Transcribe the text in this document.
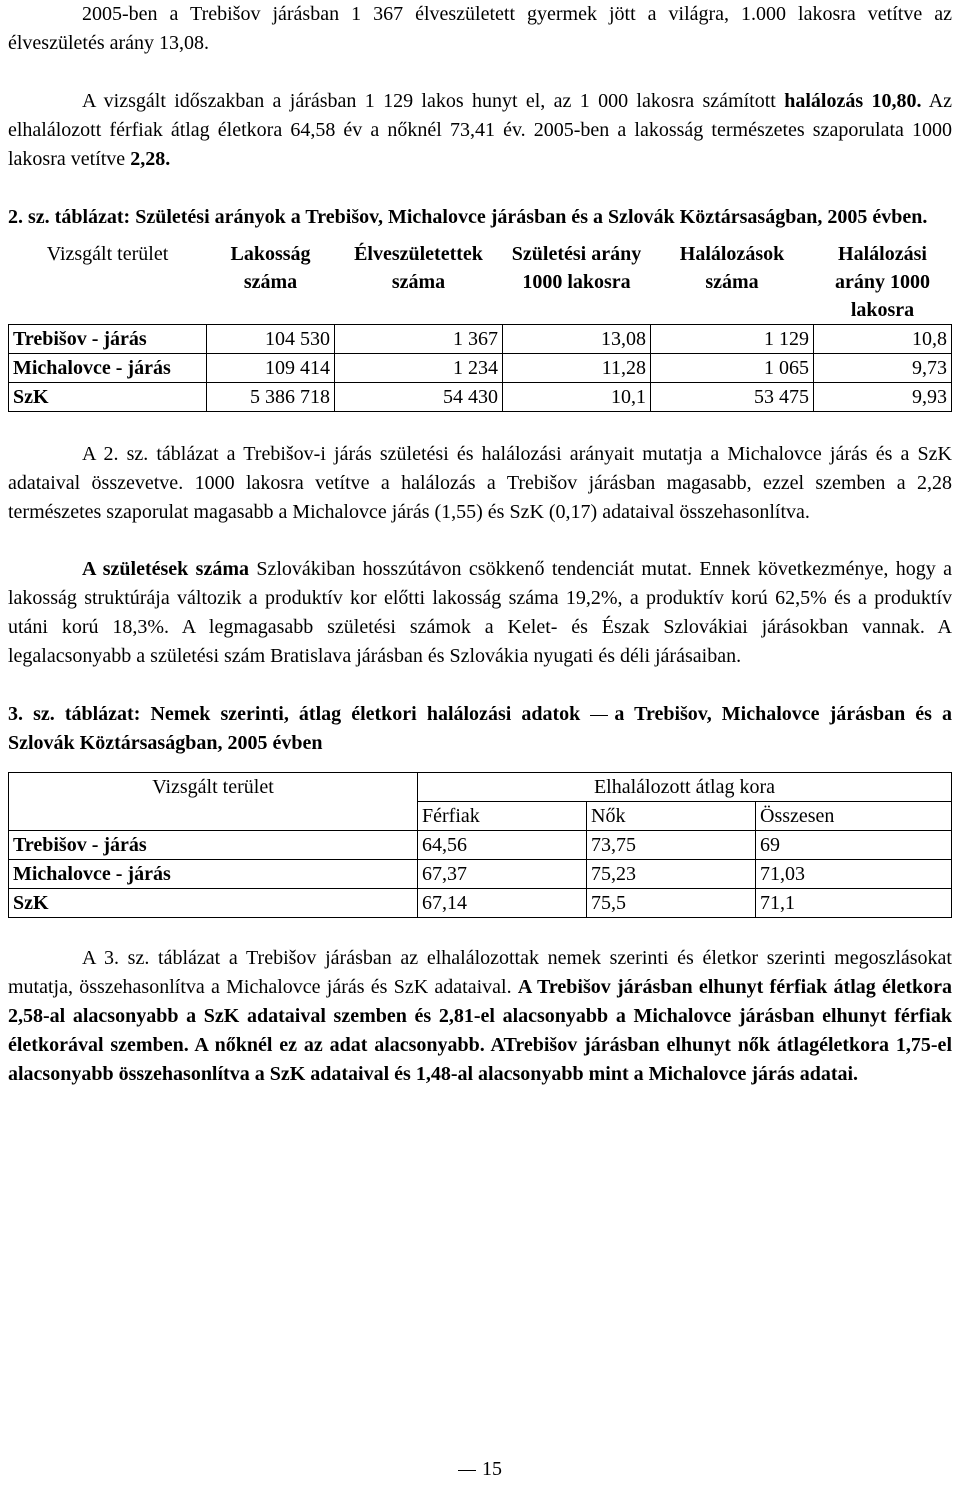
2005-ben a Trebišov járásban 1 367 élveszületett gyermek jött a világra, 1.000 lakosra vetítve az élveszületés arány 13,08.

A vizsgált időszakban a járásban 1 129 lakos hunyt el, az 1 000 lakosra számított halálozás 10,80. Az elhalálozott férfiak átlag életkora 64,58 év a nőknél 73,41 év. 2005-ben a lakosság természetes szaporulata 1000 lakosra vetítve 2,28.

2. sz. táblázat: Születési arányok a Trebišov, Michalovce járásban és a Szlovák Köztársaságban, 2005 évben.

Vizsgált terület	Lakosság száma	Élveszületettek száma	Születési arány 1000 lakosra	Halálozások száma	Halálozási arány 1000 lakosra
Trebišov - járás	104 530	1 367	13,08	1 129	10,8
Michalovce - járás	109 414	1 234	11,28	1 065	9,73
SzK	5 386 718	54 430	10,1	53 475	9,93

A 2. sz. táblázat a Trebišov-i járás születési és halálozási arányait mutatja a Michalovce járás és a SzK adataival összevetve. 1000 lakosra vetítve a halálozás a Trebišov járásban magasabb, ezzel szemben a 2,28 természetes szaporulat magasabb a Michalovce járás (1,55) és SzK (0,17) adataival összehasonlítva.

A születések száma Szlovákiban hosszútávon csökkenő tendenciát mutat. Ennek következménye, hogy a lakosság struktúrája változik a produktív kor előtti lakosság száma 19,2%, a produktív korú 62,5% és a produktív utáni korú 18,3%. A legmagasabb születési számok a Kelet- és Észak Szlovákiai járásokban vannak. A legalacsonyabb a születési szám Bratislava járásban és Szlovákia nyugati és déli járásaiban.

3. sz. táblázat: Nemek szerinti, átlag életkori halálozási adatok a Trebišov, Michalovce járásban és a Szlovák Köztársaságban, 2005 évben

Vizsgált terület	Elhalálozott átlag kora		
	Férfiak	Nők	Összesen
Trebišov - járás	64,56	73,75	69
Michalovce - járás	67,37	75,23	71,03
SzK	67,14	75,5	71,1

A 3. sz. táblázat a Trebišov járásban az elhalálozottak nemek szerinti és életkor szerinti megoszlásokat mutatja, összehasonlítva a Michalovce járás és SzK adataival. A Trebišov járásban elhunyt férfiak átlag életkora 2,58-al alacsonyabb a SzK adataival szemben és 2,81-el alacsonyabb a Michalovce járásban elhunyt férfiak életkorával szemben. A nőknél ez az adat alacsonyabb. ATrebišov járásban elhunyt nők átlagéletkora 1,75-el alacsonyabb összehasonlítva a SzK adataival és 1,48-al alacsonyabb mint a Michalovce járás adatai.

15
